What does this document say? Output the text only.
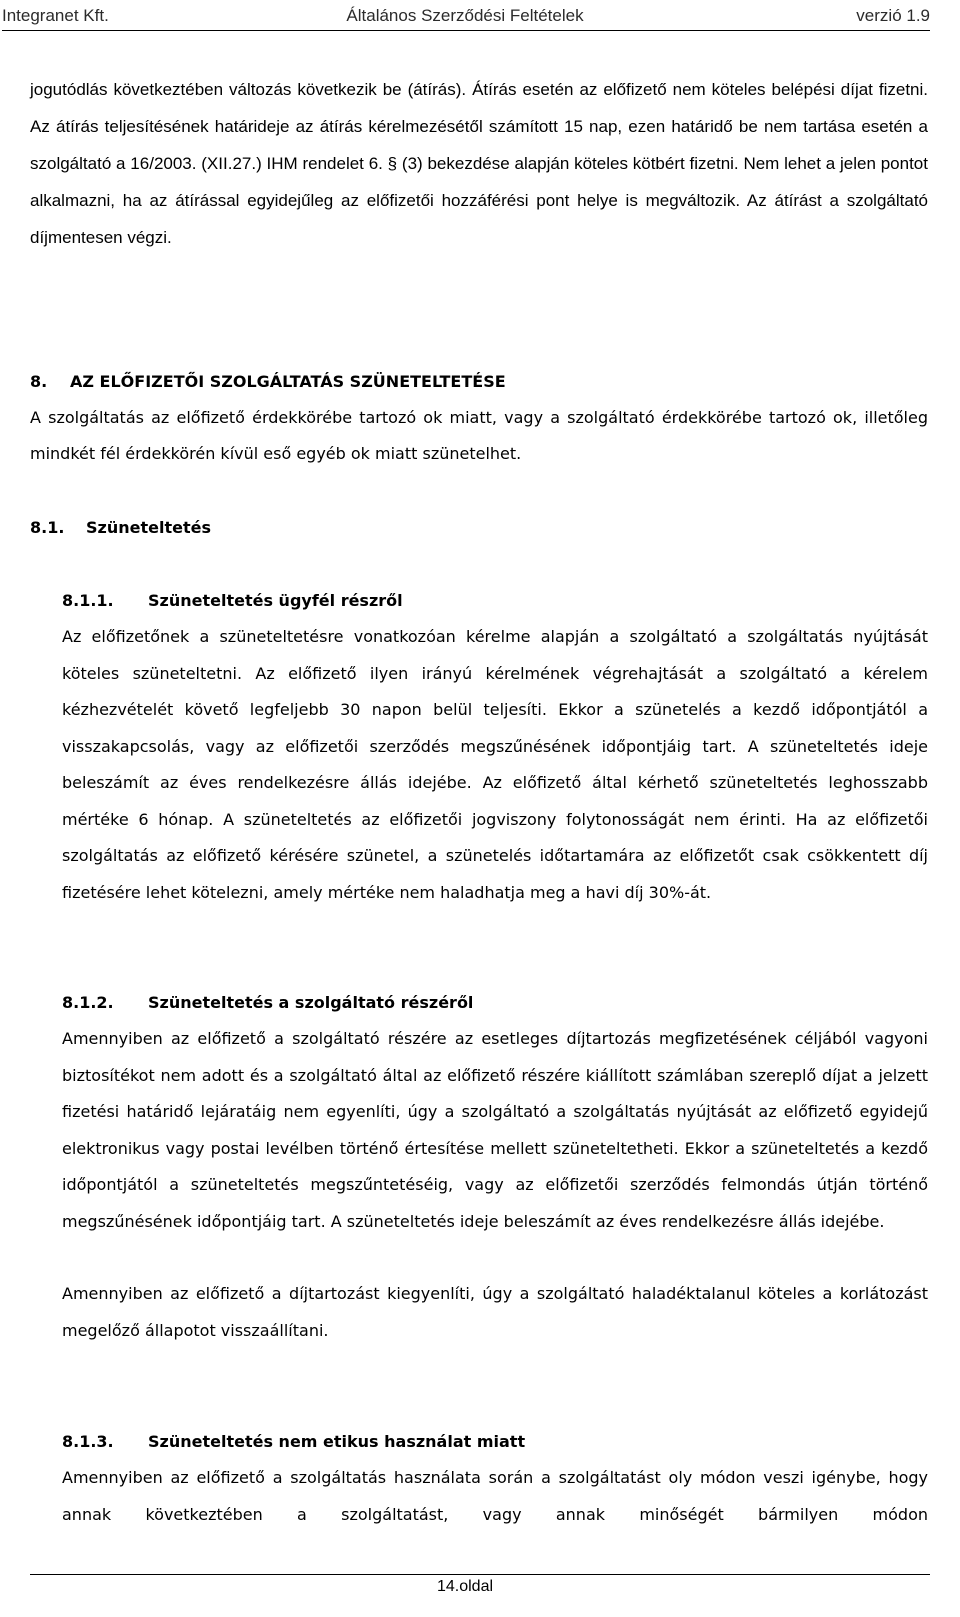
Integranet Kft.	Általános Szerződési Feltételek	verzió 1.9

jogutódlás következtében változás következik be (átírás). Átírás esetén az előfizető nem köteles belépési díjat fizetni. Az átírás teljesítésének határideje az átírás kérelmezésétől számított 15 nap, ezen határidő be nem tartása esetén a szolgáltató a 16/2003. (XII.27.) IHM rendelet 6. § (3) bekezdése alapján köteles kötbért fizetni. Nem lehet a jelen pontot alkalmazni, ha az átírással egyidejűleg az előfizetői hozzáférési pont helye is megváltozik. Az átírást a szolgáltató díjmentesen végzi.

8. AZ ELŐFIZETŐI SZOLGÁLTATÁS SZÜNETELTETÉSE

A szolgáltatás az előfizető érdekkörébe tartozó ok miatt, vagy a szolgáltató érdekkörébe tartozó ok, illetőleg mindkét fél érdekkörén kívül eső egyéb ok miatt szünetelhet.

8.1. Szüneteltetés
8.1.1. Szüneteltetés ügyfél részről

Az előfizetőnek a szüneteltetésre vonatkozóan kérelme alapján a szolgáltató a szolgáltatás nyújtását köteles szüneteltetni. Az előfizető ilyen irányú kérelmének végrehajtását a szolgáltató a kérelem kézhezvételét követő legfeljebb 30 napon belül teljesíti. Ekkor a szünetelés a kezdő időpontjától a visszakapcsolás, vagy az előfizetői szerződés megszűnésének időpontjáig tart. A szüneteltetés ideje beleszámít az éves rendelkezésre állás idejébe. Az előfizető által kérhető szüneteltetés leghosszabb mértéke 6 hónap. A szüneteltetés az előfizetői jogviszony folytonosságát nem érinti. Ha az előfizetői szolgáltatás az előfizető kérésére szünetel, a szünetelés időtartamára az előfizetőt csak csökkentett díj fizetésére lehet kötelezni, amely mértéke nem haladhatja meg a havi díj 30%-át.

8.1.2. Szüneteltetés a szolgáltató részéről

Amennyiben az előfizető a szolgáltató részére az esetleges díjtartozás megfizetésének céljából vagyoni biztosítékot nem adott és a szolgáltató által az előfizető részére kiállított számlában szereplő díjat a jelzett fizetési határidő lejáratáig nem egyenlíti, úgy a szolgáltató a szolgáltatás nyújtását az előfizető egyidejű elektronikus vagy postai levélben történő értesítése mellett szüneteltetheti. Ekkor a szüneteltetés a kezdő időpontjától a szüneteltetés megszűntetéséig, vagy az előfizetői szerződés felmondás útján történő megszűnésének időpontjáig tart. A szüneteltetés ideje beleszámít az éves rendelkezésre állás idejébe.

Amennyiben az előfizető a díjtartozást kiegyenlíti, úgy a szolgáltató haladéktalanul köteles a korlátozást megelőző állapotot visszaállítani.

8.1.3. Szüneteltetés nem etikus használat miatt

Amennyiben az előfizető a szolgáltatás használata során a szolgáltatást oly módon veszi igénybe, hogy annak következtében a szolgáltatást, vagy annak minőségét bármilyen módon

14.oldal
